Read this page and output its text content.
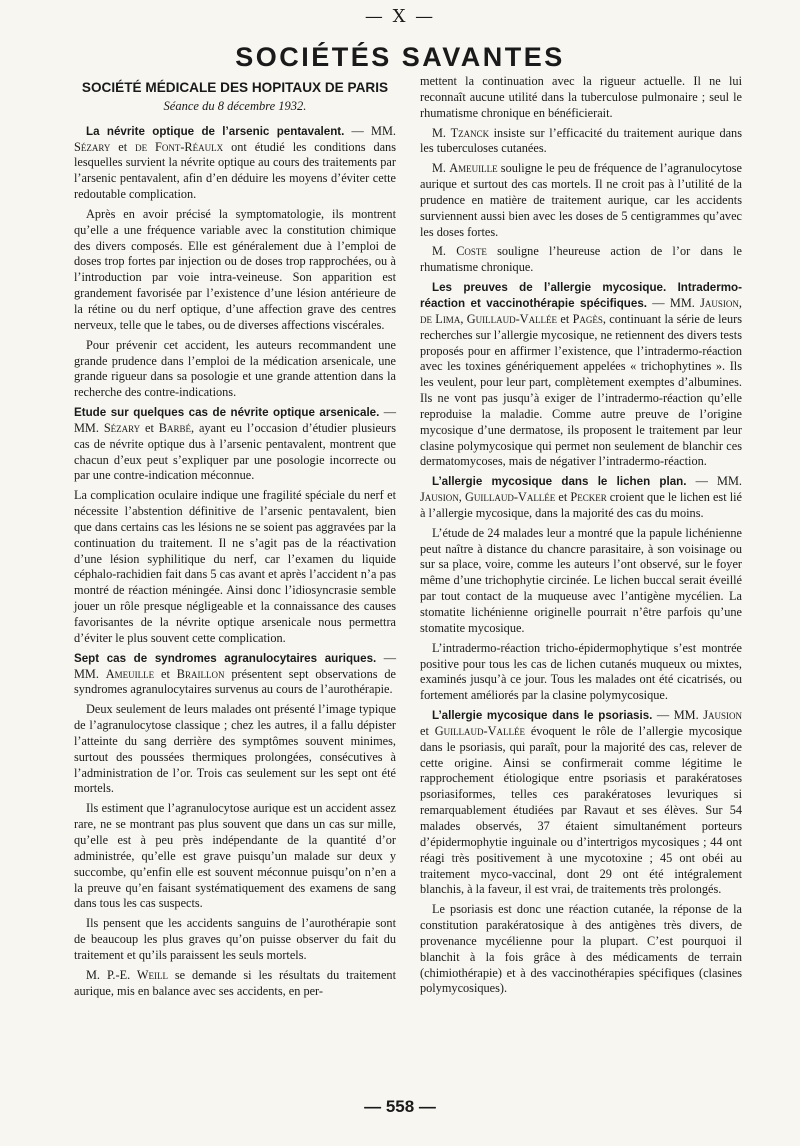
— X —
SOCIÉTÉS SAVANTES
SOCIÉTÉ MÉDICALE DES HOPITAUX DE PARIS
Séance du 8 décembre 1932.

La névrite optique de l’arsenic pentavalent. — MM. Sézary et de Font-Réaulx ont étudié les conditions dans lesquelles survient la névrite optique au cours des traitements par l’arsenic pentavalent, afin d’en déduire les moyens d’éviter cette redoutable complication.

Après en avoir précisé la symptomatologie, ils montrent qu’elle a une fréquence variable avec la constitution chimique des divers composés. Elle est généralement due à l’emploi de doses trop fortes par injection ou de doses trop rapprochées, ou à l’introduction par voie intra-veineuse. Son apparition est grandement favorisée par l’existence d’une lésion antérieure de la rétine ou du nerf optique, d’une affection grave des centres nerveux, telle que le tabes, ou de diverses affections viscérales.

Pour prévenir cet accident, les auteurs recommandent une grande prudence dans l’emploi de la médication arsenicale, une grande rigueur dans sa posologie et une grande attention dans la recherche des contre-indications.

Etude sur quelques cas de névrite optique arsenicale. — MM. Sézary et Barbé, ayant eu l’occasion d’étudier plusieurs cas de névrite optique dus à l’arsenic pentavalent, montrent que chacun d’eux peut s’expliquer par une posologie incorrecte ou par une contre-indication méconnue.

La complication oculaire indique une fragilité spéciale du nerf et nécessite l’abstention définitive de l’arsenic pentavalent, bien que dans certains cas les lésions ne se soient pas aggravées par la continuation du traitement. Il ne s’agit pas de la réactivation d’une lésion syphilitique du nerf, car l’examen du liquide céphalo-rachidien fait dans 5 cas avant et après l’accident n’a pas montré de réaction méningée. Ainsi donc l’idiosyncrasie semble jouer un rôle presque négligeable et la connaissance des causes favorisantes de la névrite optique arsenicale nous permettra d’éviter le plus souvent cette complication.

Sept cas de syndromes agranulocytaires auriques. — MM. Ameuille et Braillon présentent sept observations de syndromes agranulocytaires survenus au cours de l’aurothérapie.

Deux seulement de leurs malades ont présenté l’image typique de l’agranulocytose classique ; chez les autres, il a fallu dépister l’atteinte du sang derrière des symptômes souvent minimes, surtout des poussées thermiques prolongées, consécutives à l’administration de l’or. Trois cas seulement sur les sept ont été mortels.

Ils estiment que l’agranulocytose aurique est un accident assez rare, ne se montrant pas plus souvent que dans un cas sur mille, qu’elle est à peu près indépendante de la quantité d’or administrée, qu’elle est grave puisqu’un malade sur deux y succombe, qu’enfin elle est souvent méconnue puisqu’on n’en a la preuve qu’en faisant systématiquement des examens de sang dans tous les cas suspects.

Ils pensent que les accidents sanguins de l’aurothérapie sont de beaucoup les plus graves qu’on puisse observer du fait du traitement et qu’ils paraissent les seuls mortels.

M. P.-E. Weill se demande si les résultats du traitement aurique, mis en balance avec ses accidents, en per-

mettent la continuation avec la rigueur actuelle. Il ne lui reconnaît aucune utilité dans la tuberculose pulmonaire ; seul le rhumatisme chronique en bénéficierait.

M. Tzanck insiste sur l’efficacité du traitement aurique dans les tuberculoses cutanées.

M. Ameuille souligne le peu de fréquence de l’agranulocytose aurique et surtout des cas mortels. Il ne croit pas à l’utilité de la prudence en matière de traitement aurique, car les accidents surviennent aussi bien avec les doses de 5 centigrammes qu’avec les doses fortes.

M. Coste souligne l’heureuse action de l’or dans le rhumatisme chronique.

Les preuves de l’allergie mycosique. Intradermo-réaction et vaccinothérapie spécifiques. — MM. Jausion, de Lima, Guillaud-Vallée et Pagès, continuant la série de leurs recherches sur l’allergie mycosique, ne retiennent des divers tests proposés pour en affirmer l’existence, que l’intradermo-réaction avec les toxines génériquement appelées « trichophytines ». Ils les veulent, pour leur part, complètement exemptes d’albumines. Ils ne vont pas jusqu’à exiger de l’intradermo-réaction qu’elle reproduise la maladie. Comme autre preuve de l’origine mycosique d’une dermatose, ils proposent le traitement par leur clasine polymycosique qui permet non seulement de blanchir ces dermatomycoses, mais de négativer l’intradermo-réaction.

L’allergie mycosique dans le lichen plan. — MM. Jausion, Guillaud-Vallée et Pecker croient que le lichen est lié à l’allergie mycosique, dans la majorité des cas du moins.

L’étude de 24 malades leur a montré que la papule lichénienne peut naître à distance du chancre parasitaire, à son voisinage ou sur sa place, voire, comme les auteurs l’ont observé, sur le foyer même d’une trichophytie circinée. Le lichen buccal serait éveillé par tout contact de la muqueuse avec l’antigène mycélien. La stomatite lichénienne originelle pourrait n’être parfois qu’une stomatite mycosique.

L’intradermo-réaction tricho-épidermophytique s’est montrée positive pour tous les cas de lichen cutanés muqueux ou mixtes, examinés jusqu’à ce jour. Tous les malades ont été cicatrisés, ou fortement améliorés par la clasine polymycosique.

L’allergie mycosique dans le psoriasis. — MM. Jausion et Guillaud-Vallée évoquent le rôle de l’allergie mycosique dans le psoriasis, qui paraît, pour la majorité des cas, relever de cette origine. Ainsi se confirmerait comme légitime le rapprochement étiologique entre psoriasis et parakératoses psoriasiformes, telles ces parakératoses levuriques si remarquablement étudiées par Ravaut et ses élèves. Sur 54 malades observés, 37 étaient simultanément porteurs d’épidermophytie inguinale ou d’intertrigos mycosiques ; 44 ont réagi très positivement à une mycotoxine ; 45 ont obéi au traitement myco-vaccinal, dont 29 ont été intégralement blanchis, à la faveur, il est vrai, de traitements très prolongés.

Le psoriasis est donc une réaction cutanée, la réponse de la constitution parakératosique à des antigènes très divers, de provenance mycélienne pour la plupart. C’est pourquoi il blanchit à la fois grâce à des médicaments de terrain (chimiothérapie) et à des vaccinothérapies spécifiques (clasines polymycosiques).

— 558 —
